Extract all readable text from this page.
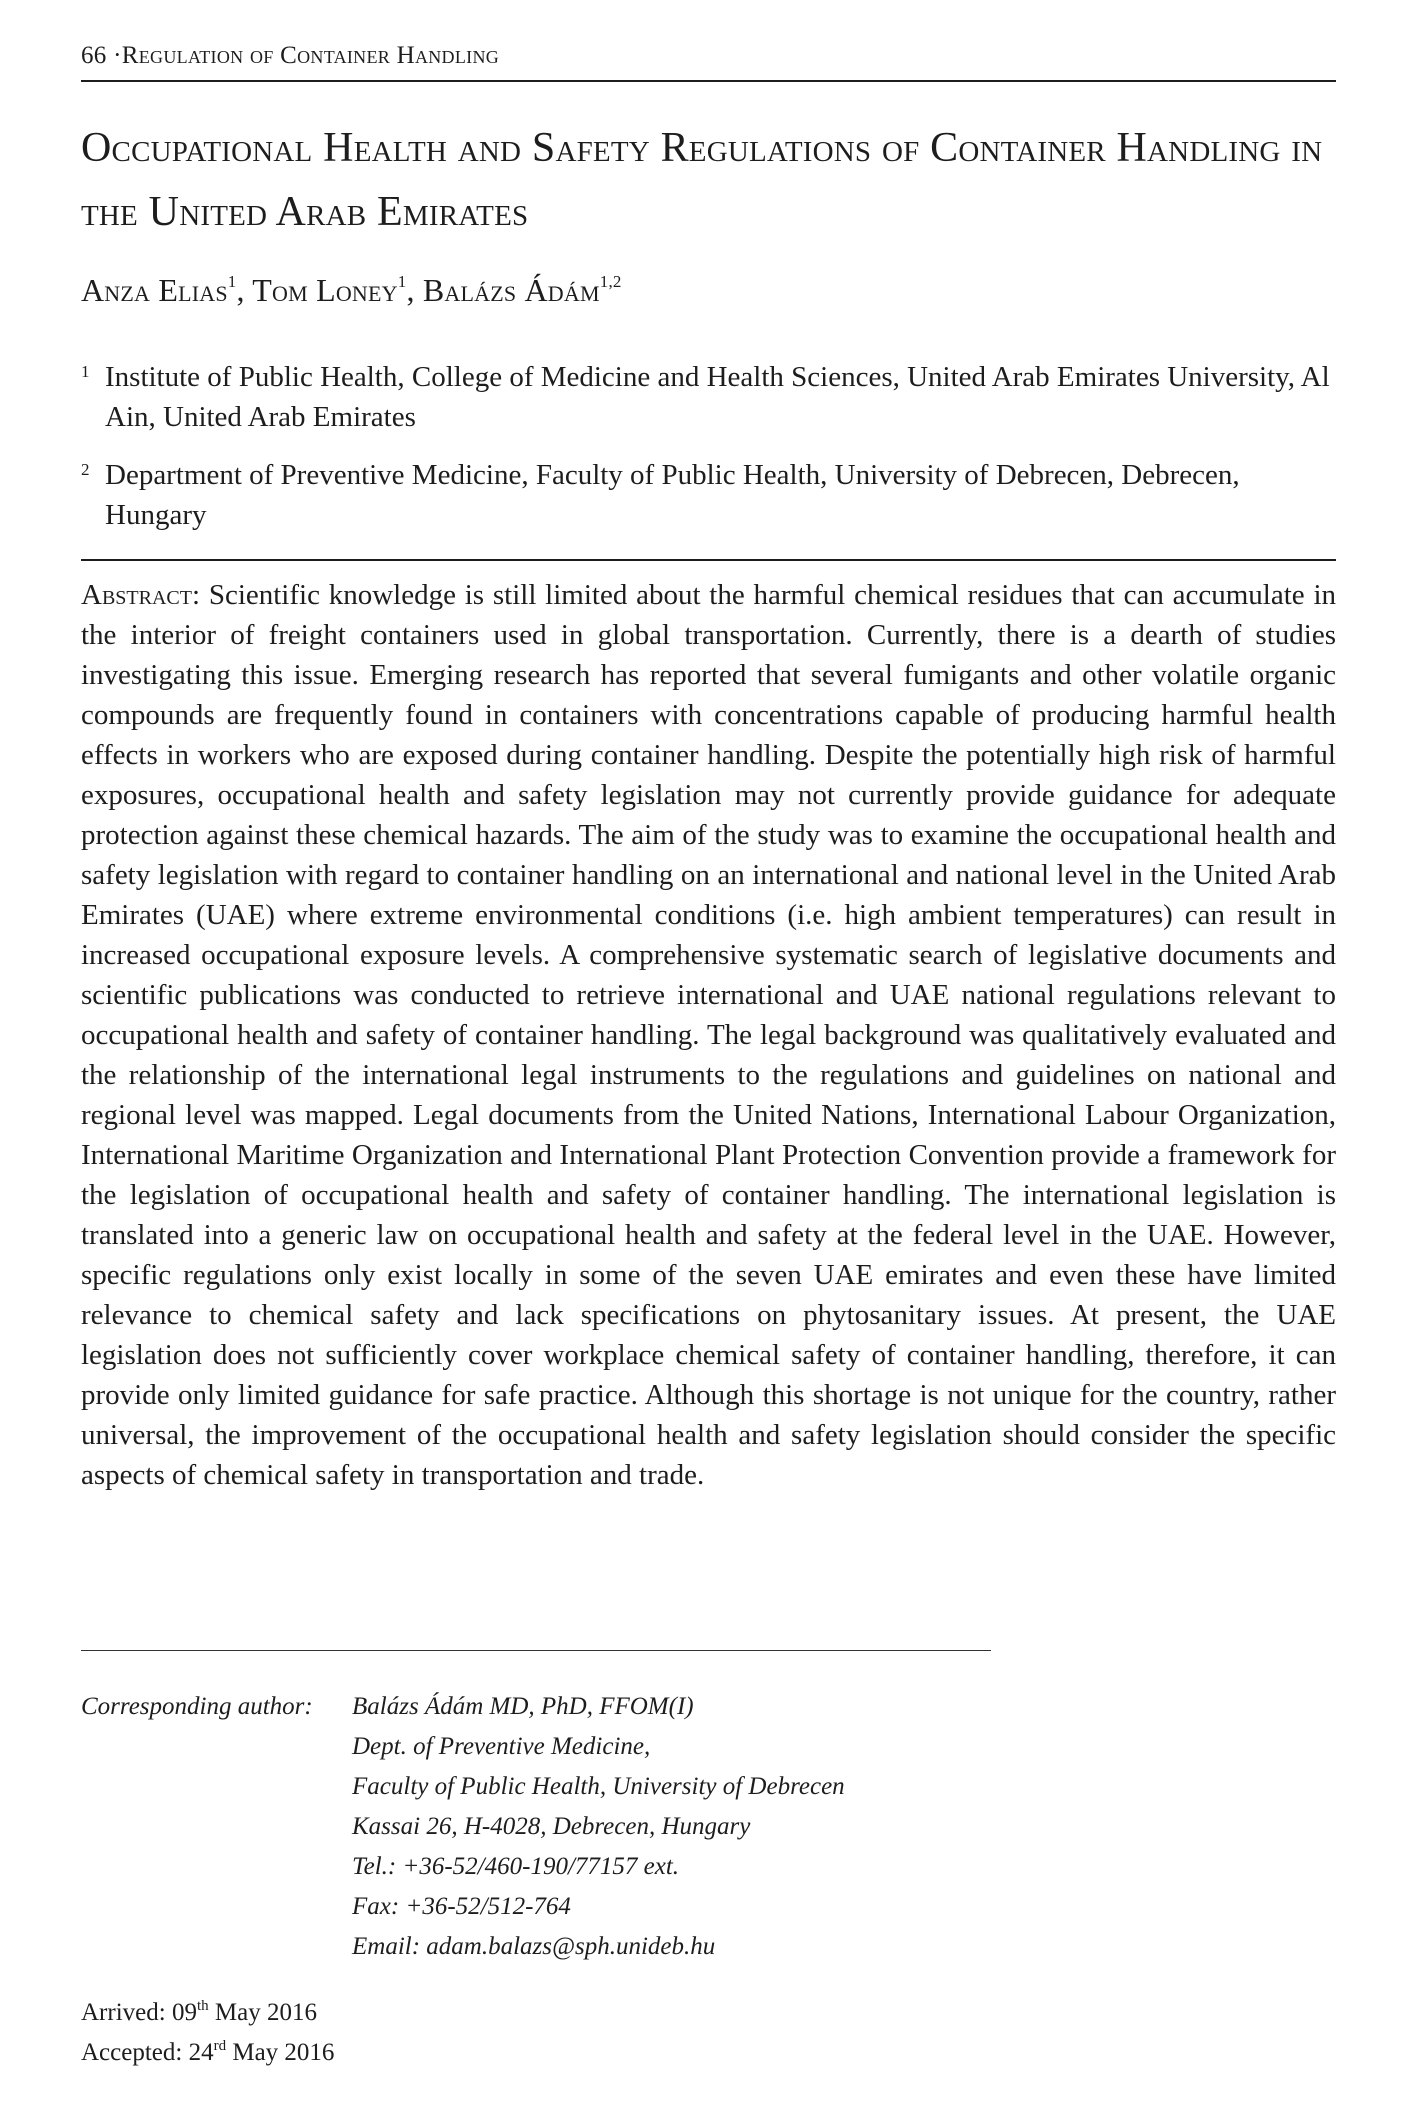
66 ·Regulation of Container Handling
Occupational Health and Safety Regulations of Container Handling in the United Arab Emirates
Anza Elias$^1$, Tom Loney$^1$, Balázs Ádám$^{1,2}$
1 Institute of Public Health, College of Medicine and Health Sciences, United Arab Emirates University, Al Ain, United Arab Emirates
2 Department of Preventive Medicine, Faculty of Public Health, University of Debrecen, Debrecen, Hungary

Abstract: Scientific knowledge is still limited about the harmful chemical residues that can accumulate in the interior of freight containers used in global transportation. Currently, there is a dearth of studies investigating this issue. Emerging research has reported that several fumigants and other volatile organic compounds are frequently found in containers with concentrations capable of producing harmful health effects in workers who are exposed during container handling. Despite the potentially high risk of harmful exposures, occupational health and safety legislation may not currently provide guidance for adequate protection against these chemical hazards. The aim of the study was to examine the occupational health and safety legislation with regard to container handling on an international and national level in the United Arab Emirates (UAE) where extreme environmental conditions (i.e. high ambient temperatures) can result in increased occupational exposure levels. A comprehensive systematic search of legislative documents and scientific publications was conducted to retrieve international and UAE national regulations relevant to occupational health and safety of container handling. The legal background was qualitatively evaluated and the relationship of the international legal instruments to the regulations and guidelines on national and regional level was mapped. Legal documents from the United Nations, International Labour Organization, International Maritime Organization and International Plant Protection Convention provide a framework for the legislation of occupational health and safety of container handling. The international legislation is translated into a generic law on occupational health and safety at the federal level in the UAE. However, specific regulations only exist locally in some of the seven UAE emirates and even these have limited relevance to chemical safety and lack specifications on phytosanitary issues. At present, the UAE legislation does not sufficiently cover workplace chemical safety of container handling, therefore, it can provide only limited guidance for safe practice. Although this shortage is not unique for the country, rather universal, the improvement of the occupational health and safety legislation should consider the specific aspects of chemical safety in transportation and trade.

Corresponding author: Balázs Ádám MD, PhD, FFOM(I)
Dept. of Preventive Medicine,
Faculty of Public Health, University of Debrecen
Kassai 26, H-4028, Debrecen, Hungary
Tel.: +36-52/460-190/77157 ext.
Fax: +36-52/512-764
Email: adam.balazs@sph.unideb.hu
Arrived: 09th May 2016
Accepted: 24rd May 2016
